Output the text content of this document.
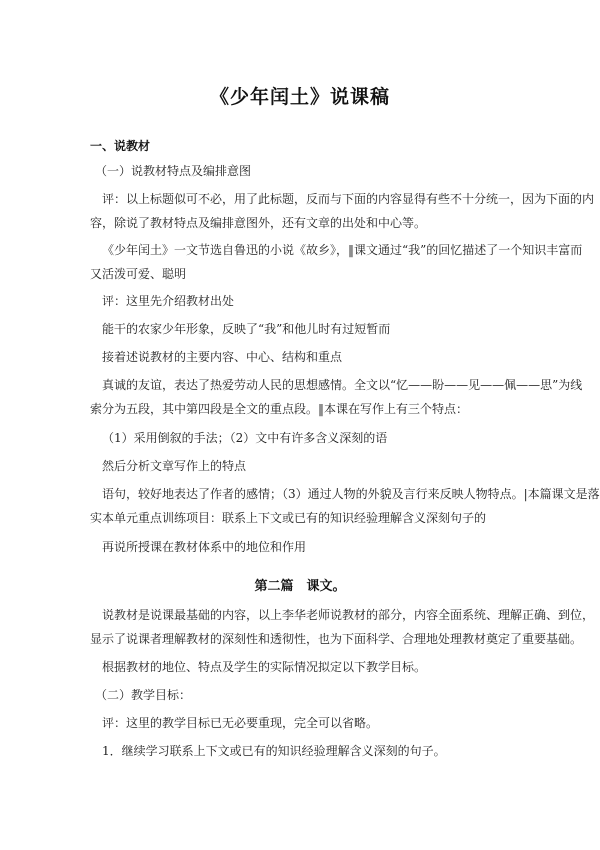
《少年闰土》说课稿
一、说教材
（一）说教材特点及编排意图
评：以上标题似可不必，用了此标题，反而与下面的内容显得有些不十分统一，因为下面的内
容，除说了教材特点及编排意图外，还有文章的出处和中心等。
《少年闰土》一文节选自鲁迅的小说《故乡》，‖课文通过“我”的回忆描述了一个知识丰富而
又活泼可爱、聪明
评：这里先介绍教材出处
能干的农家少年形象，反映了“我”和他儿时有过短暂而
接着述说教材的主要内容、中心、结构和重点
真诚的友谊，表达了热爱劳动人民的思想感情。全文以“忆——盼——见——佩——思”为线
索分为五段，其中第四段是全文的重点段。‖本课在写作上有三个特点：
（1）采用倒叙的手法；（2）文中有许多含义深刻的语
然后分析文章写作上的特点
语句，较好地表达了作者的感情；（3）通过人物的外貌及言行来反映人物特点。|本篇课文是落
实本单元重点训练项目：联系上下文或已有的知识经验理解含义深刻句子的
再说所授课在教材体系中的地位和作用
第二篇　课文。
说教材是说课最基础的内容，以上李华老师说教材的部分，内容全面系统、理解正确、到位，
显示了说课者理解教材的深刻性和透彻性，也为下面科学、合理地处理教材奠定了重要基础。
根据教材的地位、特点及学生的实际情况拟定以下教学目标。
（二）教学目标：
评：这里的教学目标已无必要重现，完全可以省略。
1．继续学习联系上下文或已有的知识经验理解含义深刻的句子。
